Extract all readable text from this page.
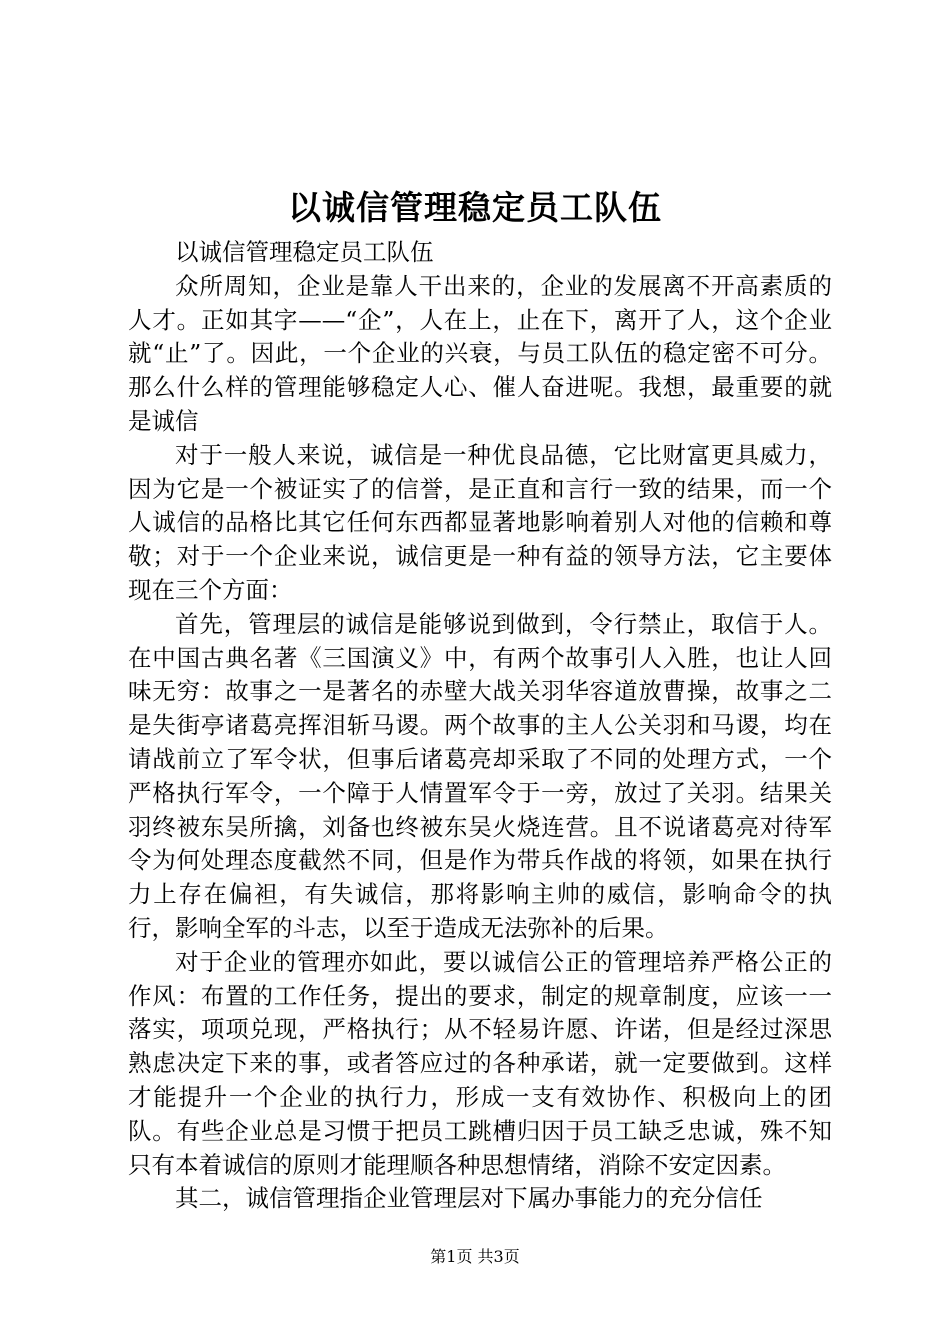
以诚信管理稳定员工队伍

以诚信管理稳定员工队伍

众所周知，企业是靠人干出来的，企业的发展离不开高素质的人才。正如其字——“企”，人在上，止在下，离开了人，这个企业就“止”了。因此，一个企业的兴衰，与员工队伍的稳定密不可分。那么什么样的管理能够稳定人心、催人奋进呢。我想，最重要的就是诚信

对于一般人来说，诚信是一种优良品德，它比财富更具威力，因为它是一个被证实了的信誉，是正直和言行一致的结果，而一个人诚信的品格比其它任何东西都显著地影响着别人对他的信赖和尊敬；对于一个企业来说，诚信更是一种有益的领导方法，它主要体现在三个方面：

首先，管理层的诚信是能够说到做到，令行禁止，取信于人。在中国古典名著《三国演义》中，有两个故事引人入胜，也让人回味无穷：故事之一是著名的赤壁大战关羽华容道放曹操，故事之二是失街亭诸葛亮挥泪斩马谡。两个故事的主人公关羽和马谡，均在请战前立了军令状，但事后诸葛亮却采取了不同的处理方式，一个严格执行军令，一个障于人情置军令于一旁，放过了关羽。结果关羽终被东吴所擒，刘备也终被东吴火烧连营。且不说诸葛亮对待军令为何处理态度截然不同，但是作为带兵作战的将领，如果在执行力上存在偏袒，有失诚信，那将影响主帅的威信，影响命令的执行，影响全军的斗志，以至于造成无法弥补的后果。

对于企业的管理亦如此，要以诚信公正的管理培养严格公正的作风：布置的工作任务，提出的要求，制定的规章制度，应该一一落实，项项兑现，严格执行；从不轻易许愿、许诺，但是经过深思熟虑决定下来的事，或者答应过的各种承诺，就一定要做到。这样才能提升一个企业的执行力，形成一支有效协作、积极向上的团队。有些企业总是习惯于把员工跳槽归因于员工缺乏忠诚，殊不知只有本着诚信的原则才能理顺各种思想情绪，消除不安定因素。

其二，诚信管理指企业管理层对下属办事能力的充分信任

第1页 共3页
